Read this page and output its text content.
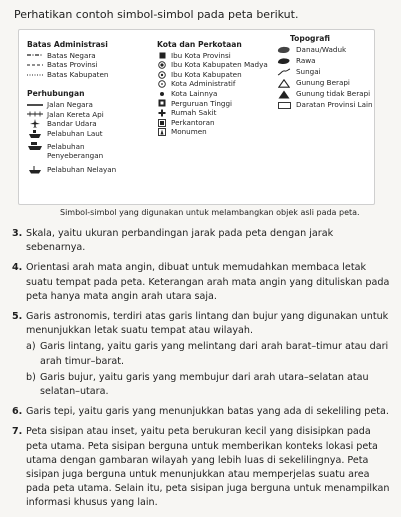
Perhatikan contoh simbol-simbol pada peta berikut.
Batas Administrasi
Batas Negara
Batas Provinsi
Batas Kabupaten
Perhubungan
Jalan Negara
Jalan Kereta Api
Bandar Udara
Pelabuhan Laut
Pelabuhan Penyeberangan
Pelabuhan Nelayan
Kota dan Perkotaan
Ibu Kota Provinsi
Ibu Kota Kabupaten Madya
Ibu Kota Kabupaten
Kota Administratif
Kota Lainnya
Perguruan Tinggi
Rumah Sakit
Perkantoran
Monumen
Topografi
Danau/Waduk
Rawa
Sungai
Gunung Berapi
Gunung tidak Berapi
Daratan Provinsi Lain
Simbol-simbol yang digunakan untuk melambangkan objek asli pada peta.
3. Skala, yaitu ukuran perbandingan jarak pada peta dengan jarak sebenarnya.
4. Orientasi arah mata angin, dibuat untuk memudahkan membaca letak suatu tempat pada peta. Keterangan arah mata angin yang dituliskan pada peta hanya mata angin arah utara saja.
5. Garis astronomis, terdiri atas garis lintang dan bujur yang digunakan untuk menunjukkan letak suatu tempat atau wilayah.
a) Garis lintang, yaitu garis yang melintang dari arah barat–timur atau dari arah timur–barat.
b) Garis bujur, yaitu garis yang membujur dari arah utara–selatan atau selatan–utara.
6. Garis tepi, yaitu garis yang menunjukkan batas yang ada di sekeliling peta.
7. Peta sisipan atau inset, yaitu peta berukuran kecil yang disisipkan pada peta utama. Peta sisipan berguna untuk memberikan konteks lokasi peta utama dengan gambaran wilayah yang lebih luas di sekelilingnya. Peta sisipan juga berguna untuk menunjukkan atau memperjelas suatu area pada peta utama. Selain itu, peta sisipan juga berguna untuk menampilkan informasi khusus yang lain.
